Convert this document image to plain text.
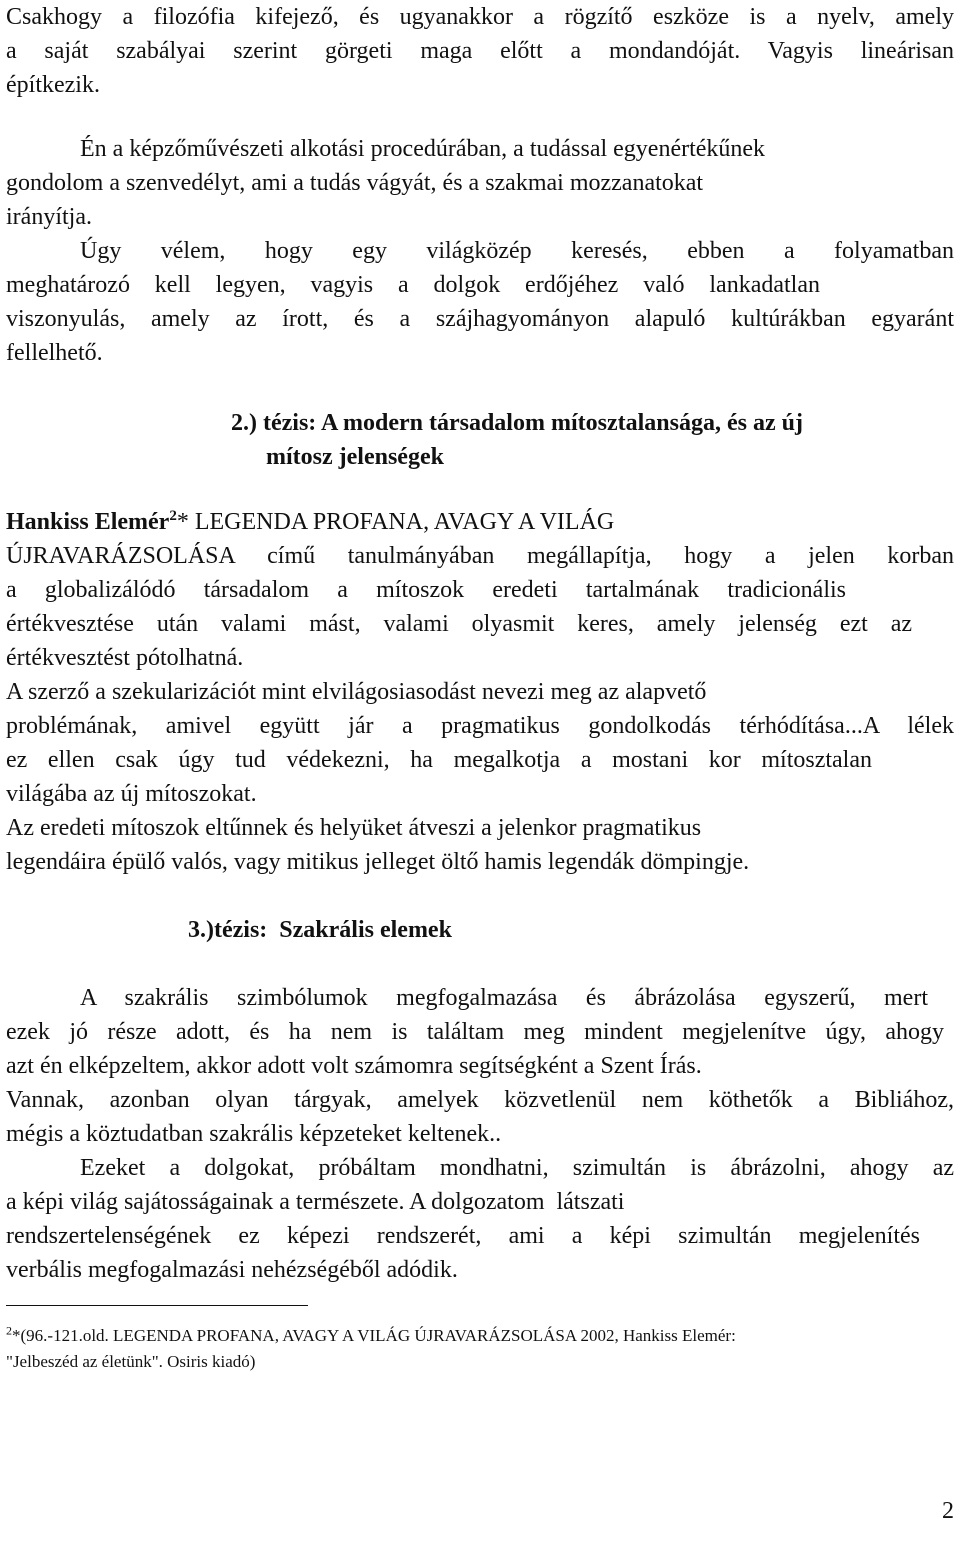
Csakhogy a filozófia kifejező, és ugyanakkor a rögzítő eszköze is a nyelv, amely
a saját szabályai szerint görgeti maga előtt a mondandóját. Vagyis lineárisan
építkezik.
Én a képzőművészeti alkotási procedúrában, a tudással egyenértékűnek
gondolom a szenvedélyt, ami a tudás vágyát, és a szakmai mozzanatokat
irányítja.
Úgy vélem, hogy egy világközép keresés, ebben a folyamatban
meghatározó kell legyen, vagyis a dolgok erdőjéhez való lankadatlan
viszonyulás, amely az írott, és a szájhagyományon alapuló kultúrákban egyaránt
fellelhető.
2.) tézis: A modern társadalom mítosztalansága, és az új
mítosz jelenségek
Hankiss Elemér$^2$* LEGENDA PROFANA, AVAGY A VILÁG
ÚJRAVARÁZSOLÁSA című tanulmányában megállapítja, hogy a jelen korban
a globalizálódó társadalom a mítoszok eredeti tartalmának tradicionális
értékvesztése után valami mást, valami olyasmit keres, amely jelenség ezt az
értékvesztést pótolhatná.
A szerző a szekularizációt mint elvilágosiasodást nevezi meg az alapvető
problémának, amivel együtt jár a pragmatikus gondolkodás térhódítása...A lélek
ez ellen csak úgy tud védekezni, ha megalkotja a mostani kor mítosztalan
világába az új mítoszokat.
Az eredeti mítoszok eltűnnek és helyüket átveszi a jelenkor pragmatikus
legendáira épülő valós, vagy mitikus jelleget öltő hamis legendák dömpingje.
3.)tézis:  Szakrális elemek
A szakrális szimbólumok megfogalmazása és ábrázolása egyszerű, mert
ezek jó része adott, és ha nem is találtam meg mindent megjelenítve úgy, ahogy
azt én elképzeltem, akkor adott volt számomra segítségként a Szent Írás.
Vannak, azonban olyan tárgyak, amelyek közvetlenül nem köthetők a Bibliához,
mégis a köztudatban szakrális képzeteket keltenek..
Ezeket a dolgokat, próbáltam mondhatni, szimultán is ábrázolni, ahogy az
a képi világ sajátosságainak a természete. A dolgozatom  látszati
rendszertelenségének ez képezi rendszerét, ami a képi szimultán megjelenítés
verbális megfogalmazási nehézségéből adódik.
$^2$*(96.-121.old. LEGENDA PROFANA, AVAGY A VILÁG ÚJRAVARÁZSOLÁSA 2002, Hankiss Elemér:
"Jelbeszéd az életünk". Osiris kiadó)
2
